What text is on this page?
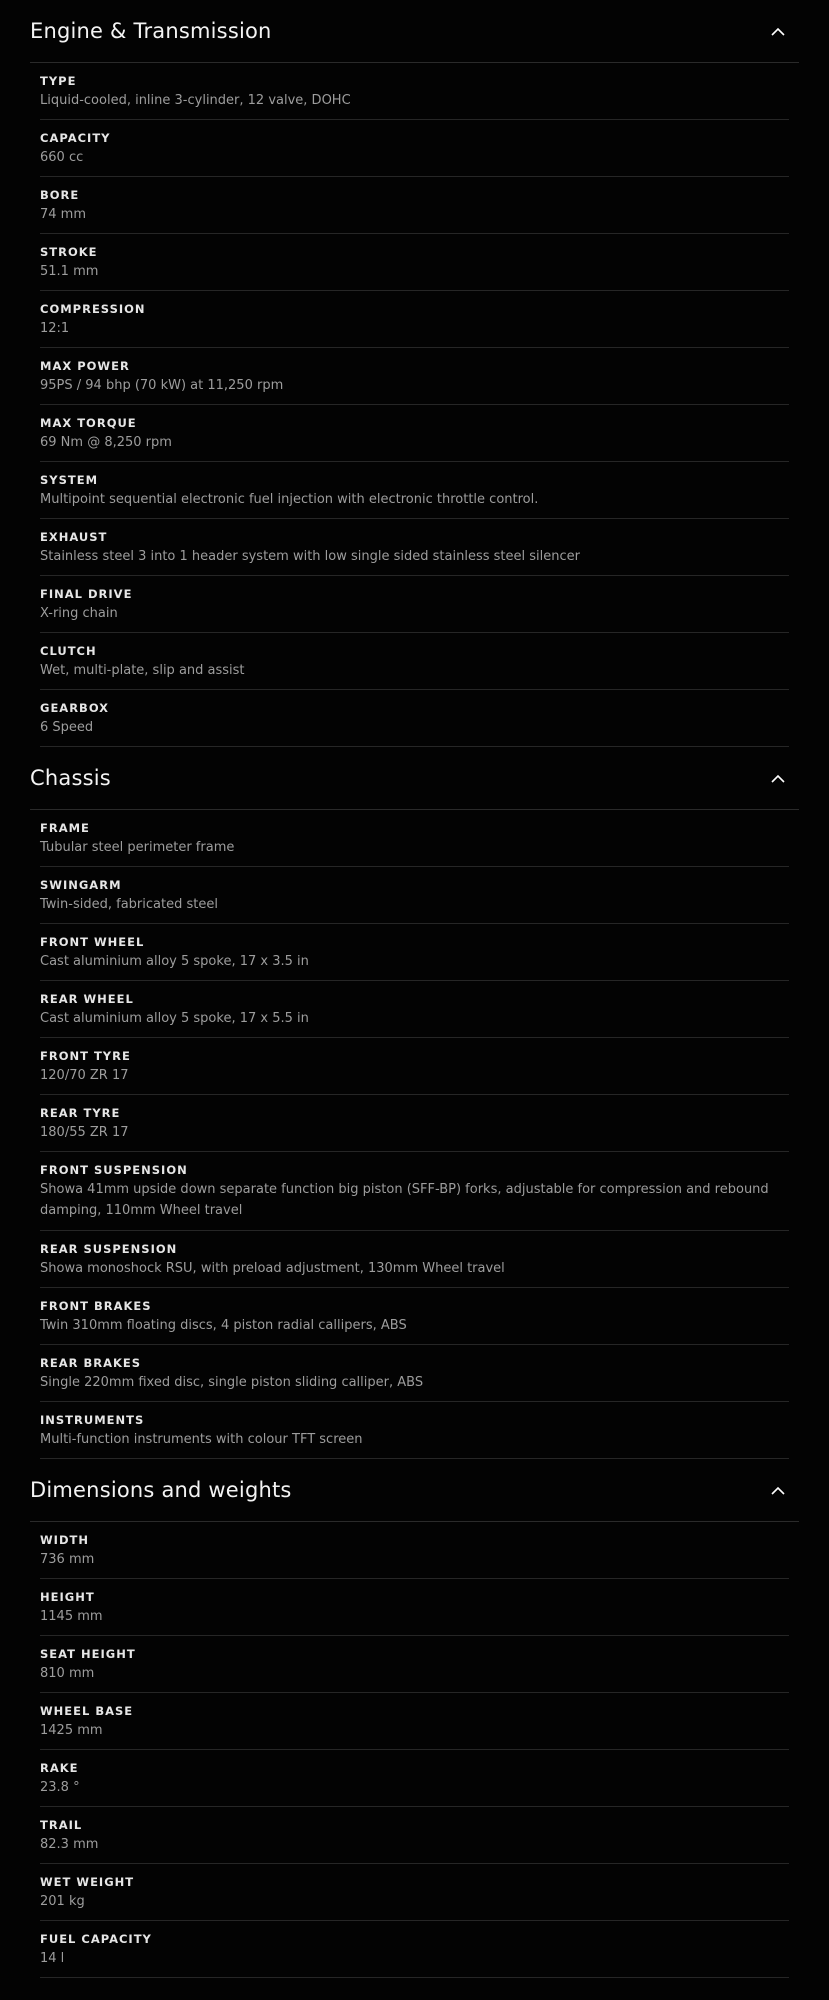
Engine & Transmission
TYPE
Liquid-cooled, inline 3-cylinder, 12 valve, DOHC
CAPACITY
660 cc
BORE
74 mm
STROKE
51.1 mm
COMPRESSION
12:1
MAX POWER
95PS / 94 bhp (70 kW) at 11,250 rpm
MAX TORQUE
69 Nm @ 8,250 rpm
SYSTEM
Multipoint sequential electronic fuel injection with electronic throttle control.
EXHAUST
Stainless steel 3 into 1 header system with low single sided stainless steel silencer
FINAL DRIVE
X-ring chain
CLUTCH
Wet, multi-plate, slip and assist
GEARBOX
6 Speed
Chassis
FRAME
Tubular steel perimeter frame
SWINGARM
Twin-sided, fabricated steel
FRONT WHEEL
Cast aluminium alloy 5 spoke, 17 x 3.5 in
REAR WHEEL
Cast aluminium alloy 5 spoke, 17 x 5.5 in
FRONT TYRE
120/70 ZR 17
REAR TYRE
180/55 ZR 17
FRONT SUSPENSION
Showa 41mm upside down separate function big piston (SFF-BP) forks, adjustable for compression and rebound damping, 110mm Wheel travel
REAR SUSPENSION
Showa monoshock RSU, with preload adjustment, 130mm Wheel travel
FRONT BRAKES
Twin 310mm floating discs, 4 piston radial callipers, ABS
REAR BRAKES
Single 220mm fixed disc, single piston sliding calliper, ABS
INSTRUMENTS
Multi-function instruments with colour TFT screen
Dimensions and weights
WIDTH
736 mm
HEIGHT
1145 mm
SEAT HEIGHT
810 mm
WHEEL BASE
1425 mm
RAKE
23.8 °
TRAIL
82.3 mm
WET WEIGHT
201 kg
FUEL CAPACITY
14 l
